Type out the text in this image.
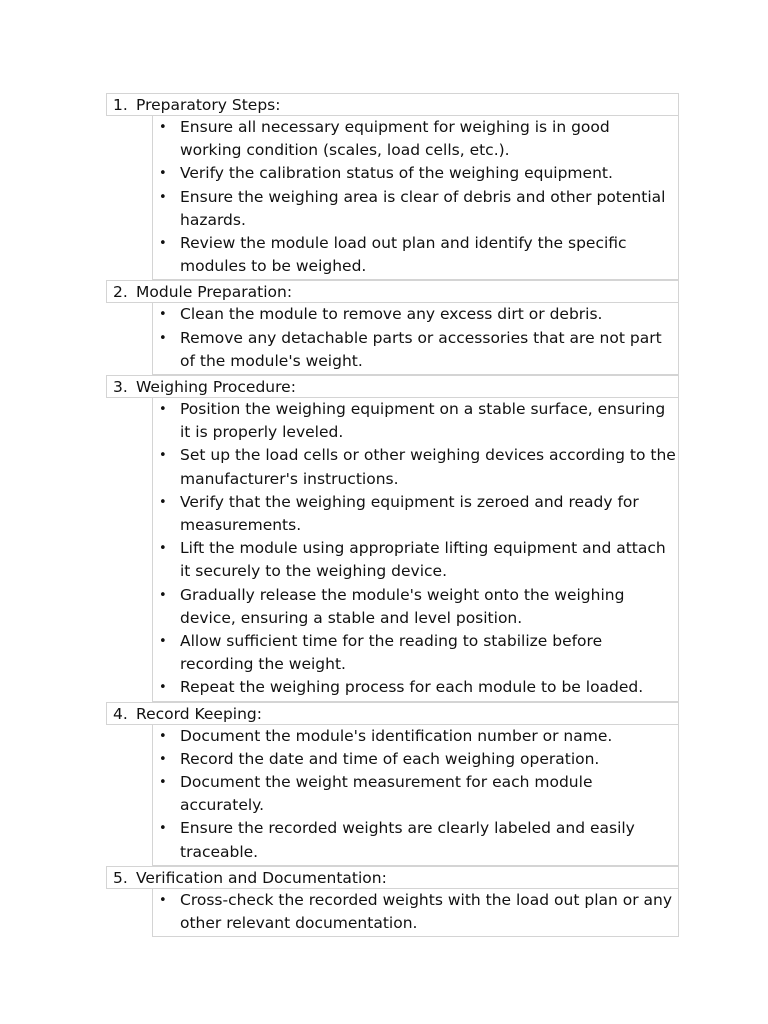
1. Preparatory Steps:
• Ensure all necessary equipment for weighing is in good working condition (scales, load cells, etc.).
• Verify the calibration status of the weighing equipment.
• Ensure the weighing area is clear of debris and other potential hazards.
• Review the module load out plan and identify the specific modules to be weighed.
2. Module Preparation:
• Clean the module to remove any excess dirt or debris.
• Remove any detachable parts or accessories that are not part of the module's weight.
3. Weighing Procedure:
• Position the weighing equipment on a stable surface, ensuring it is properly leveled.
• Set up the load cells or other weighing devices according to the manufacturer's instructions.
• Verify that the weighing equipment is zeroed and ready for measurements.
• Lift the module using appropriate lifting equipment and attach it securely to the weighing device.
• Gradually release the module's weight onto the weighing device, ensuring a stable and level position.
• Allow sufficient time for the reading to stabilize before recording the weight.
• Repeat the weighing process for each module to be loaded.
4. Record Keeping:
• Document the module's identification number or name.
• Record the date and time of each weighing operation.
• Document the weight measurement for each module accurately.
• Ensure the recorded weights are clearly labeled and easily traceable.
5. Verification and Documentation:
• Cross-check the recorded weights with the load out plan or any other relevant documentation.
